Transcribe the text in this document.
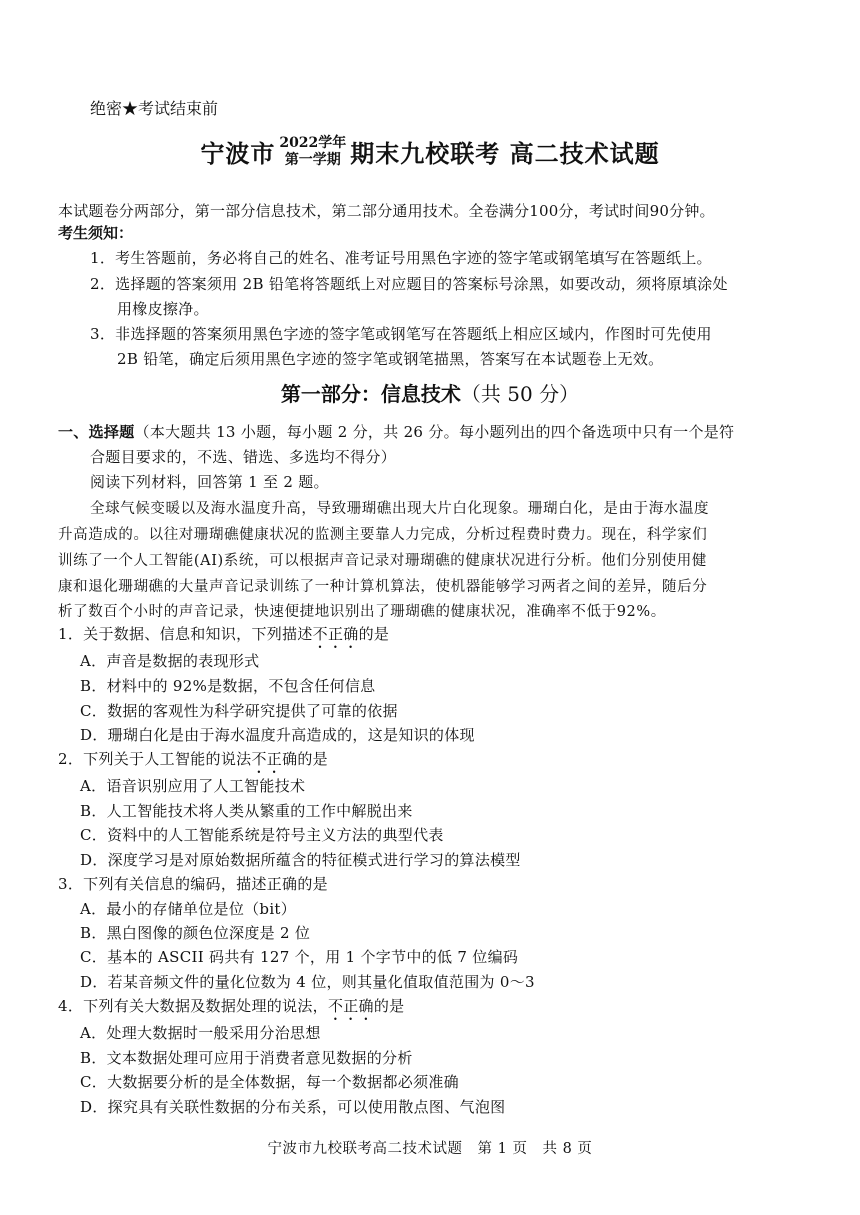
绝密★考试结束前
宁波市 2022学年
第一学期 期末九校联考 高二技术试题
本试题卷分两部分，第一部分信息技术，第二部分通用技术。全卷满分100分，考试时间90分钟。
考生须知：
1．考生答题前，务必将自己的姓名、准考证号用黑色字迹的签字笔或钢笔填写在答题纸上。
2．选择题的答案须用 2B 铅笔将答题纸上对应题目的答案标号涂黑，如要改动，须将原填涂处
用橡皮擦净。
3．非选择题的答案须用黑色字迹的签字笔或钢笔写在答题纸上相应区域内，作图时可先使用
2B 铅笔，确定后须用黑色字迹的签字笔或钢笔描黑，答案写在本试题卷上无效。
第一部分：信息技术（共 50 分）
一、选择题（本大题共 13 小题，每小题 2 分，共 26 分。每小题列出的四个备选项中只有一个是符
合题目要求的，不选、错选、多选均不得分）
阅读下列材料，回答第 1 至 2 题。
全球气候变暖以及海水温度升高，导致珊瑚礁出现大片白化现象。珊瑚白化，是由于海水温度
升高造成的。以往对珊瑚礁健康状况的监测主要靠人力完成，分析过程费时费力。现在，科学家们
训练了一个人工智能(AI)系统，可以根据声音记录对珊瑚礁的健康状况进行分析。他们分别使用健
康和退化珊瑚礁的大量声音记录训练了一种计算机算法，使机器能够学习两者之间的差异，随后分
析了数百个小时的声音记录，快速便捷地识别出了珊瑚礁的健康状况，准确率不低于92%。
1．关于数据、信息和知识，下列描述不正确的是
A．声音是数据的表现形式
B．材料中的 92%是数据，不包含任何信息
C．数据的客观性为科学研究提供了可靠的依据
D．珊瑚白化是由于海水温度升高造成的，这是知识的体现
2．下列关于人工智能的说法不正确的是
A．语音识别应用了人工智能技术
B．人工智能技术将人类从繁重的工作中解脱出来
C．资料中的人工智能系统是符号主义方法的典型代表
D．深度学习是对原始数据所蕴含的特征模式进行学习的算法模型
3．下列有关信息的编码，描述正确的是
A．最小的存储单位是位（bit）
B．黑白图像的颜色位深度是 2 位
C．基本的 ASCII 码共有 127 个，用 1 个字节中的低 7 位编码
D．若某音频文件的量化位数为 4 位，则其量化值取值范围为 0～3
4．下列有关大数据及数据处理的说法，不正确的是
A．处理大数据时一般采用分治思想
B．文本数据处理可应用于消费者意见数据的分析
C．大数据要分析的是全体数据，每一个数据都必须准确
D．探究具有关联性数据的分布关系，可以使用散点图、气泡图
宁波市九校联考高二技术试题　第 1 页　共 8 页
